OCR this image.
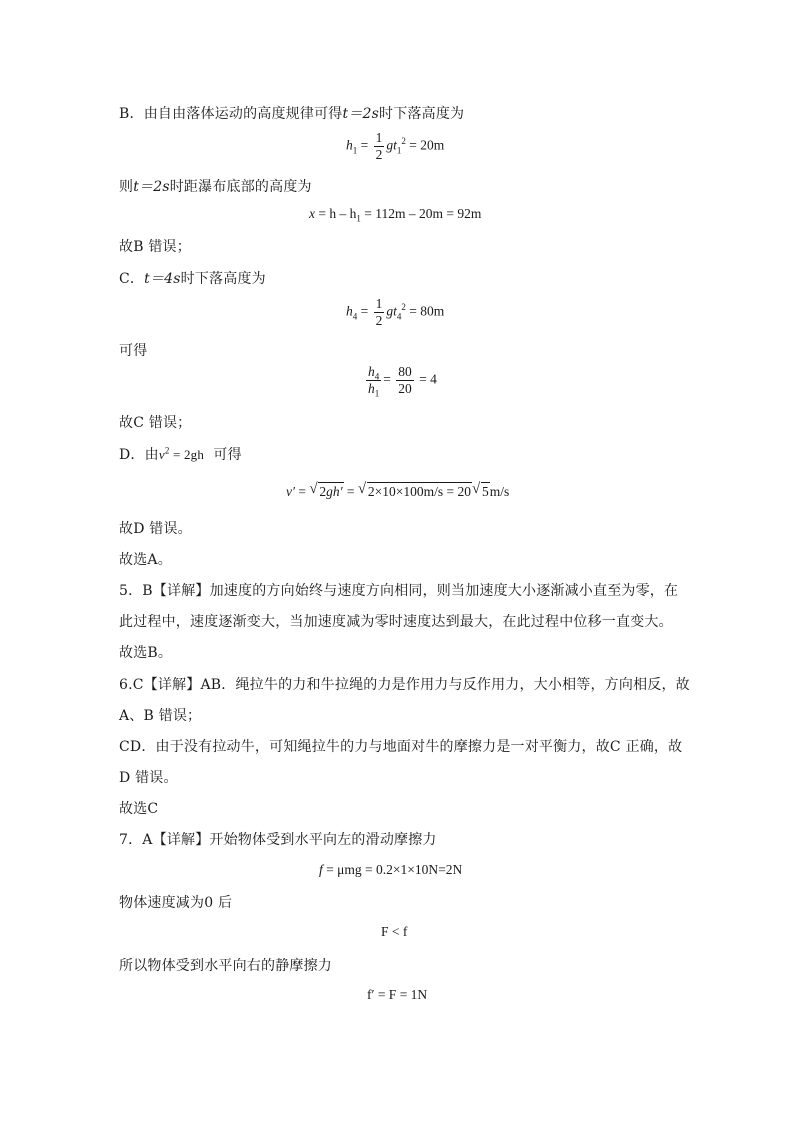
B．由自由落体运动的高度规律可得t＝2s时下落高度为
$h_1 = \frac{1}{2} gt_1^2 = 20m$
则t＝2s时距瀑布底部的高度为
$x = h - h_1 = 112m - 20m = 92m$
故B 错误；
C．t＝4s时下落高度为
$h_4 = \frac{1}{2} gt_4^2 = 80m$
可得
$\frac{h_4}{h_1} = \frac{80}{20} = 4$
故C 错误；
D．由$v^2 = 2gh$ 可得
v′ = √ 2gh′ = √ 2×10×100m/s = 20 √ 5m/s
故D 错误。
故选A。
5．B【详解】加速度的方向始终与速度方向相同，则当加速度大小逐渐减小直至为零，在
此过程中，速度逐渐变大，当加速度减为零时速度达到最大，在此过程中位移一直变大。
故选B。
6.C【详解】AB．绳拉牛的力和牛拉绳的力是作用力与反作用力，大小相等，方向相反，故
A、B 错误；
CD．由于没有拉动牛，可知绳拉牛的力与地面对牛的摩擦力是一对平衡力，故C 正确，故
D 错误。
故选C
7．A【详解】开始物体受到水平向左的滑动摩擦力
f = μmg = 0.2×1×10N=2N
物体速度减为0 后
F < f
所以物体受到水平向右的静摩擦力
f′ = F = 1N
